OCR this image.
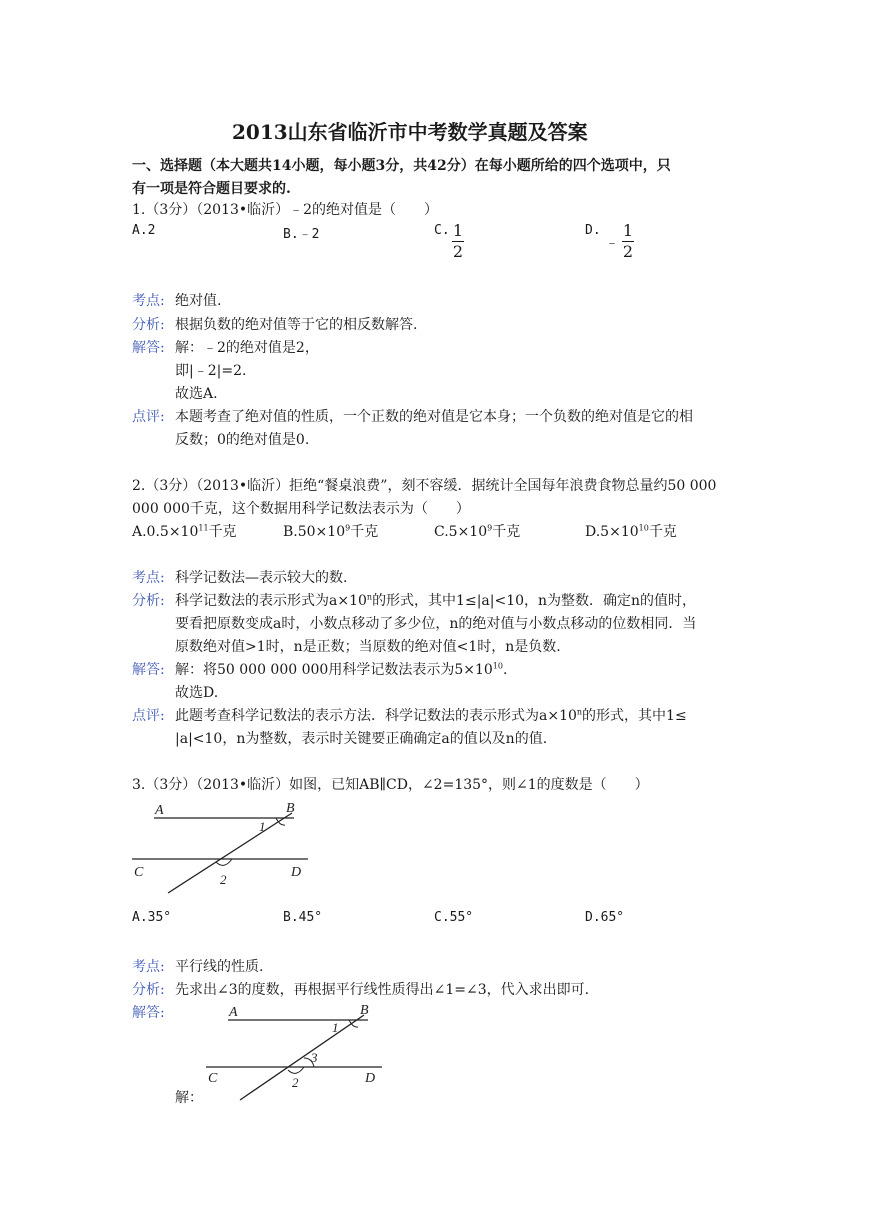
2013山东省临沂市中考数学真题及答案
一、选择题（本大题共14小题，每小题3分，共42分）在每小题所给的四个选项中，只
有一项是符合题目要求的.
1.（3分）（2013•临沂）﹣2的绝对值是（　　）
A.2	B.﹣2	C. 1
2
D.
﹣
1
2
考点: 绝对值.
分析: 根据负数的绝对值等于它的相反数解答.
解答: 解：﹣2的绝对值是2，
即|﹣2|=2.
故选A.
点评: 本题考查了绝对值的性质，一个正数的绝对值是它本身；一个负数的绝对值是它的相
反数；0的绝对值是0.
2.（3分）（2013•临沂）拒绝“餐桌浪费”，刻不容缓．据统计全国每年浪费食物总量约50 000
000 000千克，这个数据用科学记数法表示为（　　）
$A.0.5\times 10^{11}$千克	$B.50\times 10^9$千克	$C.5\times 10^9$千克	$D.5\times 10^{10}$千克
考点: 科学记数法—表示较大的数.
分析: 科学记数法的表示形式为$a\times 10^n$的形式，其中1≤|a|<10，n为整数．确定n的值时，
要看把原数变成a时，小数点移动了多少位，n的绝对值与小数点移动的位数相同．当
原数绝对值>1时，n是正数；当原数的绝对值<1时，n是负数.
解答: 解：将50 000 000 000用科学记数法表示为$5\times 10^{10}$.
故选D.
点评: 此题考查科学记数法的表示方法．科学记数法的表示形式为$a\times 10^n$的形式，其中1≤
|a|<10，n为整数，表示时关键要正确确定a的值以及n的值.
3.（3分）（2013•临沂）如图，已知AB∥CD，∠2=135°，则∠1的度数是（　　）
A	B
C	D
1
2
A.35°	B.45°	C.55°	D.65°
考点: 平行线的性质.
分析: 先求出∠3的度数，再根据平行线性质得出∠1=∠3，代入求出即可.
解答:	A	B
C	D
1
2
3
解：
